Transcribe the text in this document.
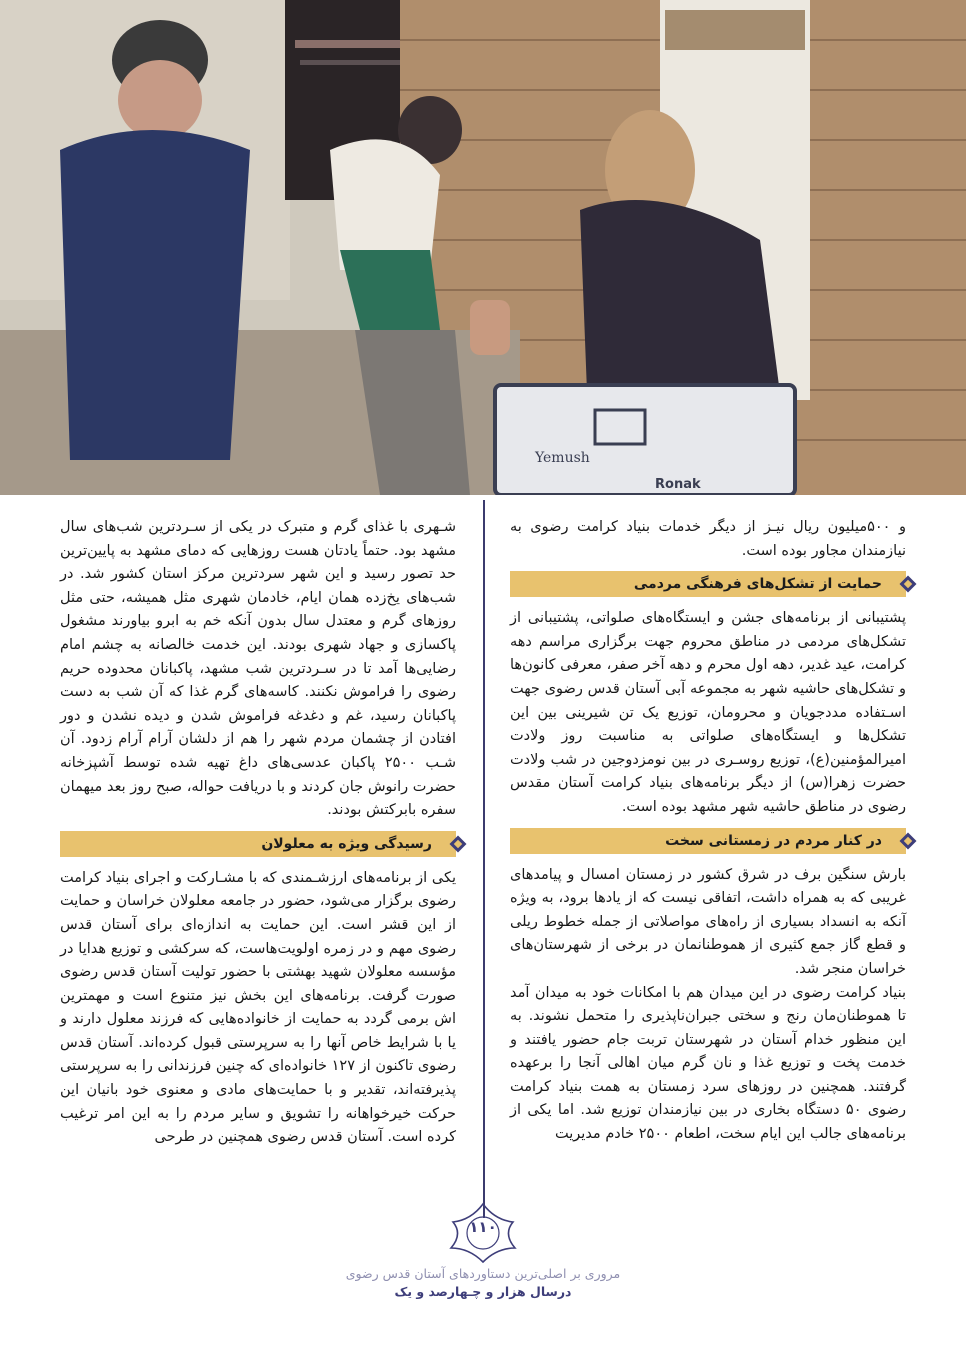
Yemush
Ronak

و ۵۰۰میلیون ریال نیـز از دیگر خدمات بنیاد کرامت رضوی به نیازمندان مجاور بوده است.

حمایت از تشکل‌های فرهنگی مردمی

پشتیبانی از برنامه‌های جشن و ایستگاه‌های صلواتی، پشتیبانی از تشکل‌های مردمی در مناطق محروم جهت برگزاری مراسم دهه کرامت، عید غدیر، دهه اول محرم و دهه آخر صفر، معرفی کانون‌ها و تشکل‌های حاشیه شهر به مجموعه آبی آستان قدس رضوی جهت اسـتفاده مددجویان و محرومان، توزیع یک تن شیرینی بین این تشکل‌ها و ایستگاه‌های صلواتی به مناسبت روز ولادت امیرالمؤمنین(ع)، توزیع روسـری در بین نومزدوجین در شب ولادت حضرت زهرا(س) از دیگر برنامه‌های بنیاد کرامت آستان مقدس رضوی در مناطق حاشیه شهر مشهد بوده است.

در کنار مردم در زمستانی سخت

بارش سنگین برف در شرق کشور در زمستان امسال و پیامدهای غریبی که به همراه داشت، اتفاقی نیست که از یادها برود، به ویژه آنکه به انسداد بسیاری از راه‌های مواصلاتی از جمله خطوط ریلی و قطع گاز جمع کثیری از هموطنانمان در برخی از شهرستان‌های خراسان منجر شد.

بنیاد کرامت رضوی در این میدان هم با امکانات خود به میدان آمد تا هموطنان‌مان رنج و سختی جبران‌ناپذیری را متحمل نشوند. به این منظور خدام آستان در شهرستان تربت جام حضور یافتند و خدمت پخت و توزیع غذا و نان گرم میان اهالی آنجا را برعهده گرفتند. همچنین در روزهای سرد زمستان به همت بنیاد کرامت رضوی ۵۰ دستگاه بخاری در بین نیازمندان توزیع شد. اما یکی از برنامه‌های جالب این ایام سخت، اطعام ۲۵۰۰ خادم مدیریت

شـهری با غذای گرم و متبرک در یکی از سـردترین شب‌های سال مشهد بود. حتماً یادتان هست روزهایی که دمای مشهد به پایین‌ترین حد تصور رسید و این شهر سردترین مرکز استان کشور شد. در شب‌های یخ‌زده همان ایام، خادمان شهری مثل همیشه، حتی مثل روزهای گرم و معتدل سال بدون آنکه خم به ابرو بیاورند مشغول پاکسازی و جهاد شهری بودند. این خدمت خالصانه به چشم امام رضایی‌ها آمد تا در سـردترین شب مشهد، پاکبانان محدوده حریم رضوی را فراموش نکنند. کاسه‌های گرم غذا که آن شب به دست پاکبانان رسید، غم و دغدغه فراموش شدن و دیده نشدن و دور افتادن از چشمان مردم شهر را هم از دلشان آرام آرام زدود. آن شـب ۲۵۰۰ پاکبان عدسی‌های داغ تهیه شده توسط آشپزخانه حضرت رانوش جان کردند و با دریافت حواله، صبح روز بعد میهمان سفره بابرکتش بودند.

رسیدگی ویژه به معلولان

یکی از برنامه‌های ارزشـمندی که با مشـارکت و اجرای بنیاد کرامت رضوی برگزار می‌شود، حضور در جامعه معلولان خراسان و حمایت از این قشر است. این حمایت به اندازه‌ای برای آستان قدس رضوی مهم و در زمره اولویت‌هاست، که سرکشی و توزیع هدایا در مؤسسه معلولان شهید بهشتی با حضور تولیت آستان قدس رضوی صورت گرفت. برنامه‌های این بخش نیز متنوع است و مهمترین اش برمی گردد به حمایت از خانواده‌هایی که فرزند معلول دارند و یا با شرایط خاص آنها را به سرپرستی قبول کرده‌اند. آستان قدس رضوی تاکنون از ۱۲۷ خانواده‌ای که چنین فرزندانی را به سرپرستی پذیرفته‌اند، تقدیر و با حمایت‌های مادی و معنوی خود بانیان این حرکت خیرخواهانه را تشویق و سایر مردم را به این امر ترغیب کرده است. آستان قدس رضوی همچنین در طرحی

۱۱۰
مروری بر اصلی‌ترین دستاوردهای آستان قدس رضوی
درسال هزار و چـهارصد و یک
